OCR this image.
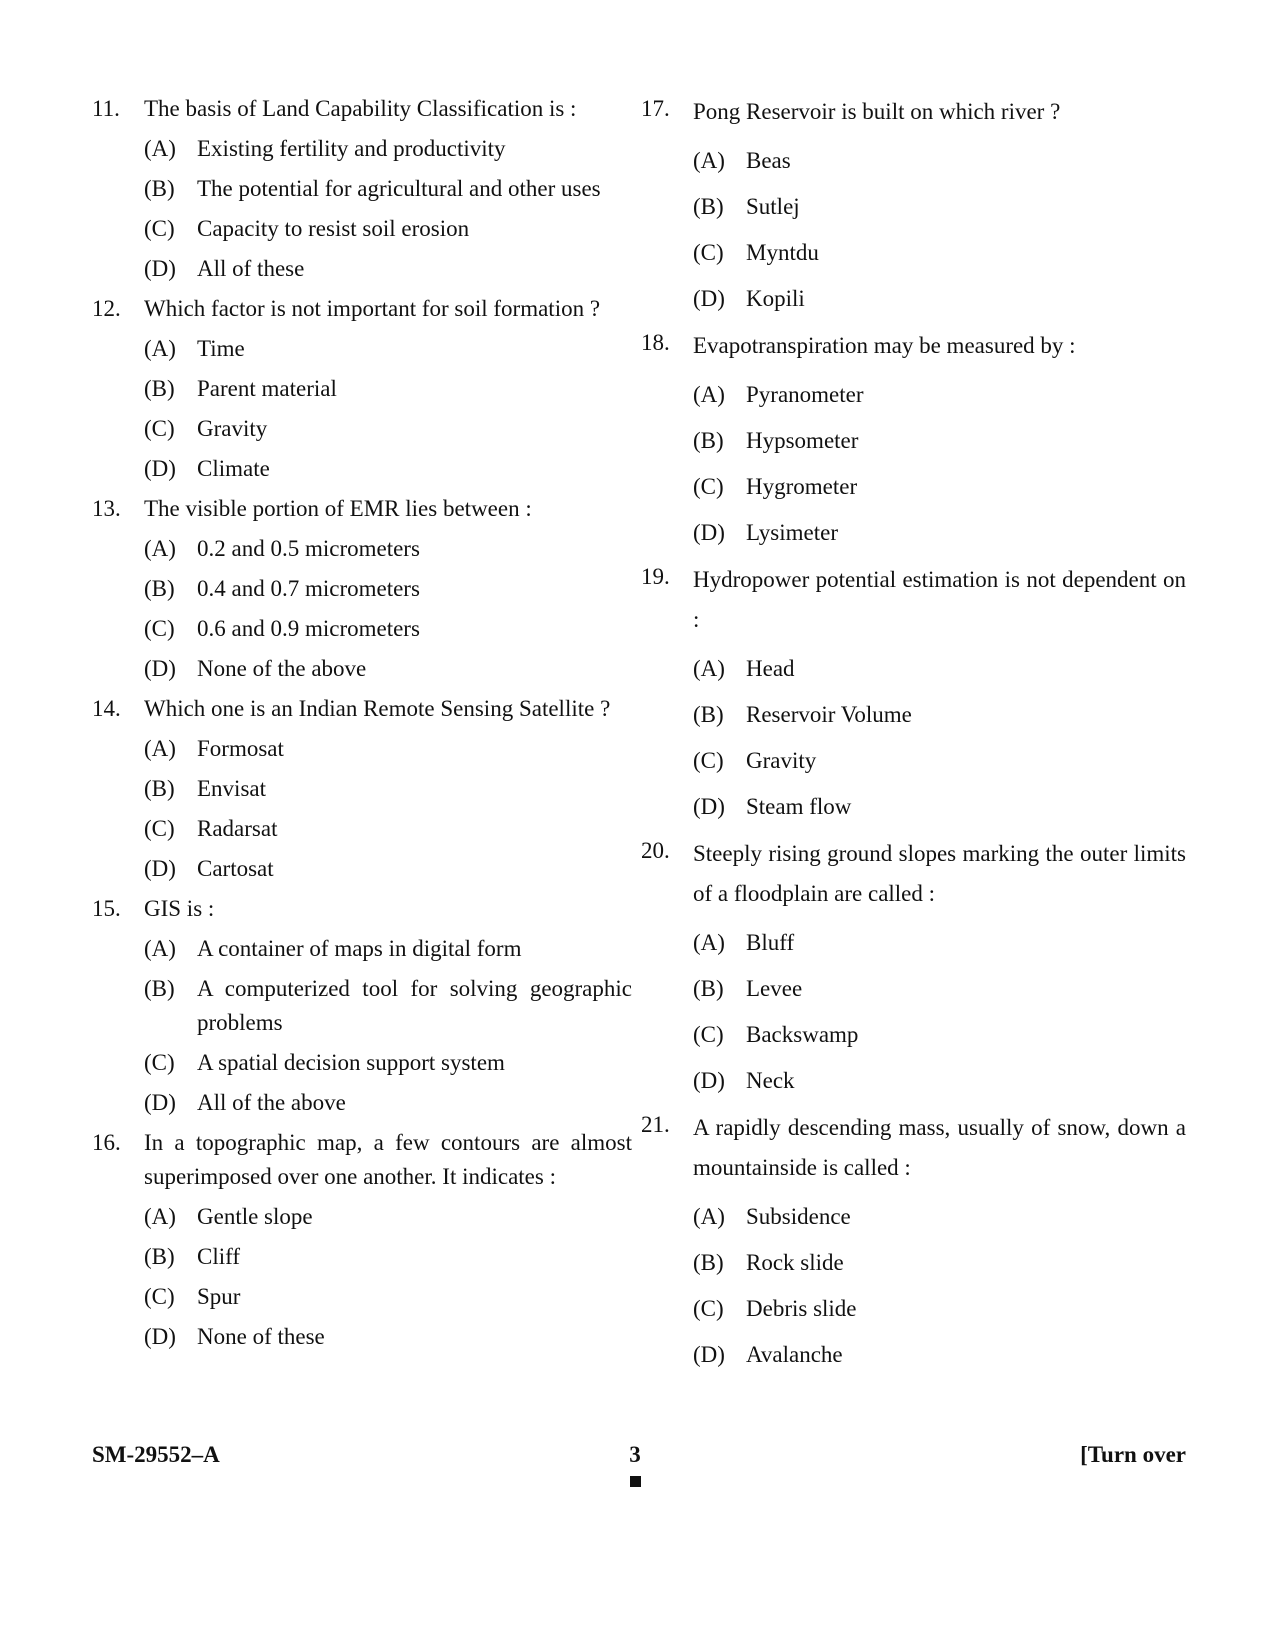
11.	The basis of Land Capability Classification is :
(A) Existing fertility and productivity
(B) The potential for agricultural and other uses
(C) Capacity to resist soil erosion
(D) All of these
12.	Which factor is not important for soil formation ?
(A) Time
(B) Parent material
(C) Gravity
(D) Climate
13.	The visible portion of EMR lies between :
(A) 0.2 and 0.5 micrometers
(B) 0.4 and 0.7 micrometers
(C) 0.6 and 0.9 micrometers
(D) None of the above
14.	Which one is an Indian Remote Sensing Satellite ?
(A) Formosat
(B) Envisat
(C) Radarsat
(D) Cartosat
15.	GIS is :
(A) A container of maps in digital form
(B) A computerized tool for solving geographic problems
(C) A spatial decision support system
(D) All of the above
16.	In a topographic map, a few contours are almost superimposed over one another. It indicates :
(A) Gentle slope
(B) Cliff
(C) Spur
(D) None of these
17.	Pong Reservoir is built on which river ?
(A) Beas
(B) Sutlej
(C) Myntdu
(D) Kopili
18.	Evapotranspiration may be measured by :
(A) Pyranometer
(B) Hypsometer
(C) Hygrometer
(D) Lysimeter
19.	Hydropower potential estimation is not dependent on :
(A) Head
(B) Reservoir Volume
(C) Gravity
(D) Steam flow
20.	Steeply rising ground slopes marking the outer limits of a floodplain are called :
(A) Bluff
(B) Levee
(C) Backswamp
(D) Neck
21.	A rapidly descending mass, usually of snow, down a mountainside is called :
(A) Subsidence
(B) Rock slide
(C) Debris slide
(D) Avalanche
SM-29552–A	3	[Turn over
